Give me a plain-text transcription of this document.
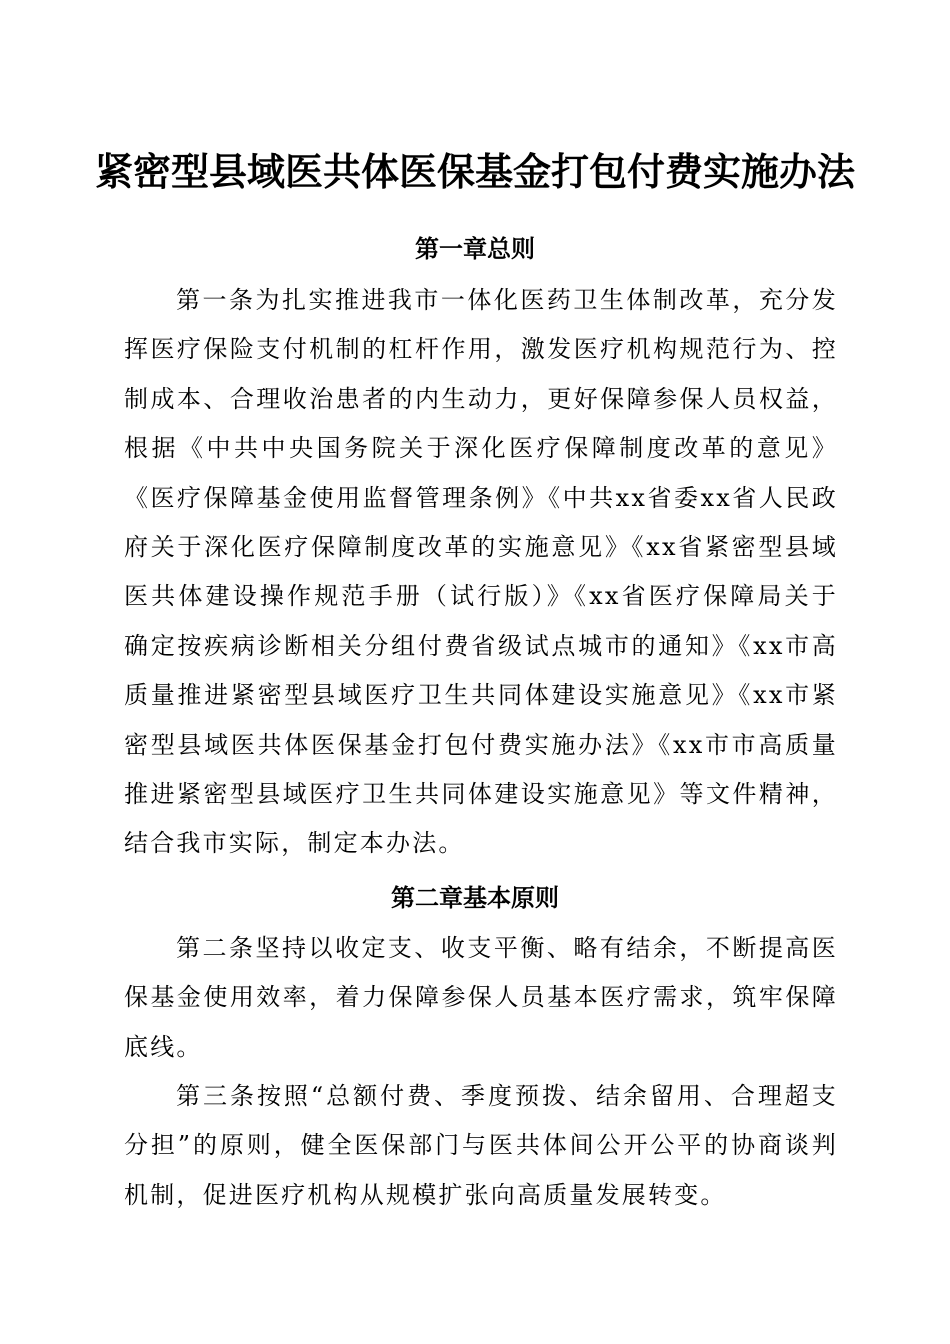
紧密型县域医共体医保基金打包付费实施办法
第一章总则

第一条为扎实推进我市一体化医药卫生体制改革，充分发挥医疗保险支付机制的杠杆作用，激发医疗机构规范行为、控制成本、合理收治患者的内生动力，更好保障参保人员权益，根据《中共中央国务院关于深化医疗保障制度改革的意见》《医疗保障基金使用监督管理条例》《中共xx省委xx省人民政府关于深化医疗保障制度改革的实施意见》《xx省紧密型县域医共体建设操作规范手册（试行版）》《xx省医疗保障局关于确定按疾病诊断相关分组付费省级试点城市的通知》《xx市高质量推进紧密型县域医疗卫生共同体建设实施意见》《xx市紧密型县域医共体医保基金打包付费实施办法》《xx市市高质量推进紧密型县域医疗卫生共同体建设实施意见》等文件精神，结合我市实际，制定本办法。

第二章基本原则

第二条坚持以收定支、收支平衡、略有结余，不断提高医保基金使用效率，着力保障参保人员基本医疗需求，筑牢保障底线。

第三条按照“总额付费、季度预拨、结余留用、合理超支分担”的原则，健全医保部门与医共体间公开公平的协商谈判机制，促进医疗机构从规模扩张向高质量发展转变。
